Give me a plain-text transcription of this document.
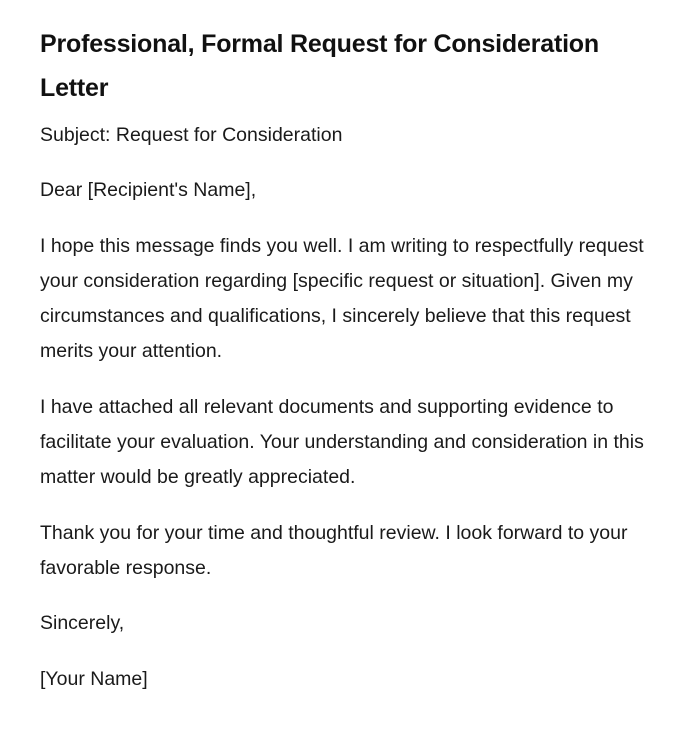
Professional, Formal Request for Consideration Letter

Subject: Request for Consideration

Dear [Recipient's Name],

I hope this message finds you well. I am writing to respectfully request your consideration regarding [specific request or situation]. Given my circumstances and qualifications, I sincerely believe that this request merits your attention.

I have attached all relevant documents and supporting evidence to facilitate your evaluation. Your understanding and consideration in this matter would be greatly appreciated.

Thank you for your time and thoughtful review. I look forward to your favorable response.

Sincerely,

[Your Name]
